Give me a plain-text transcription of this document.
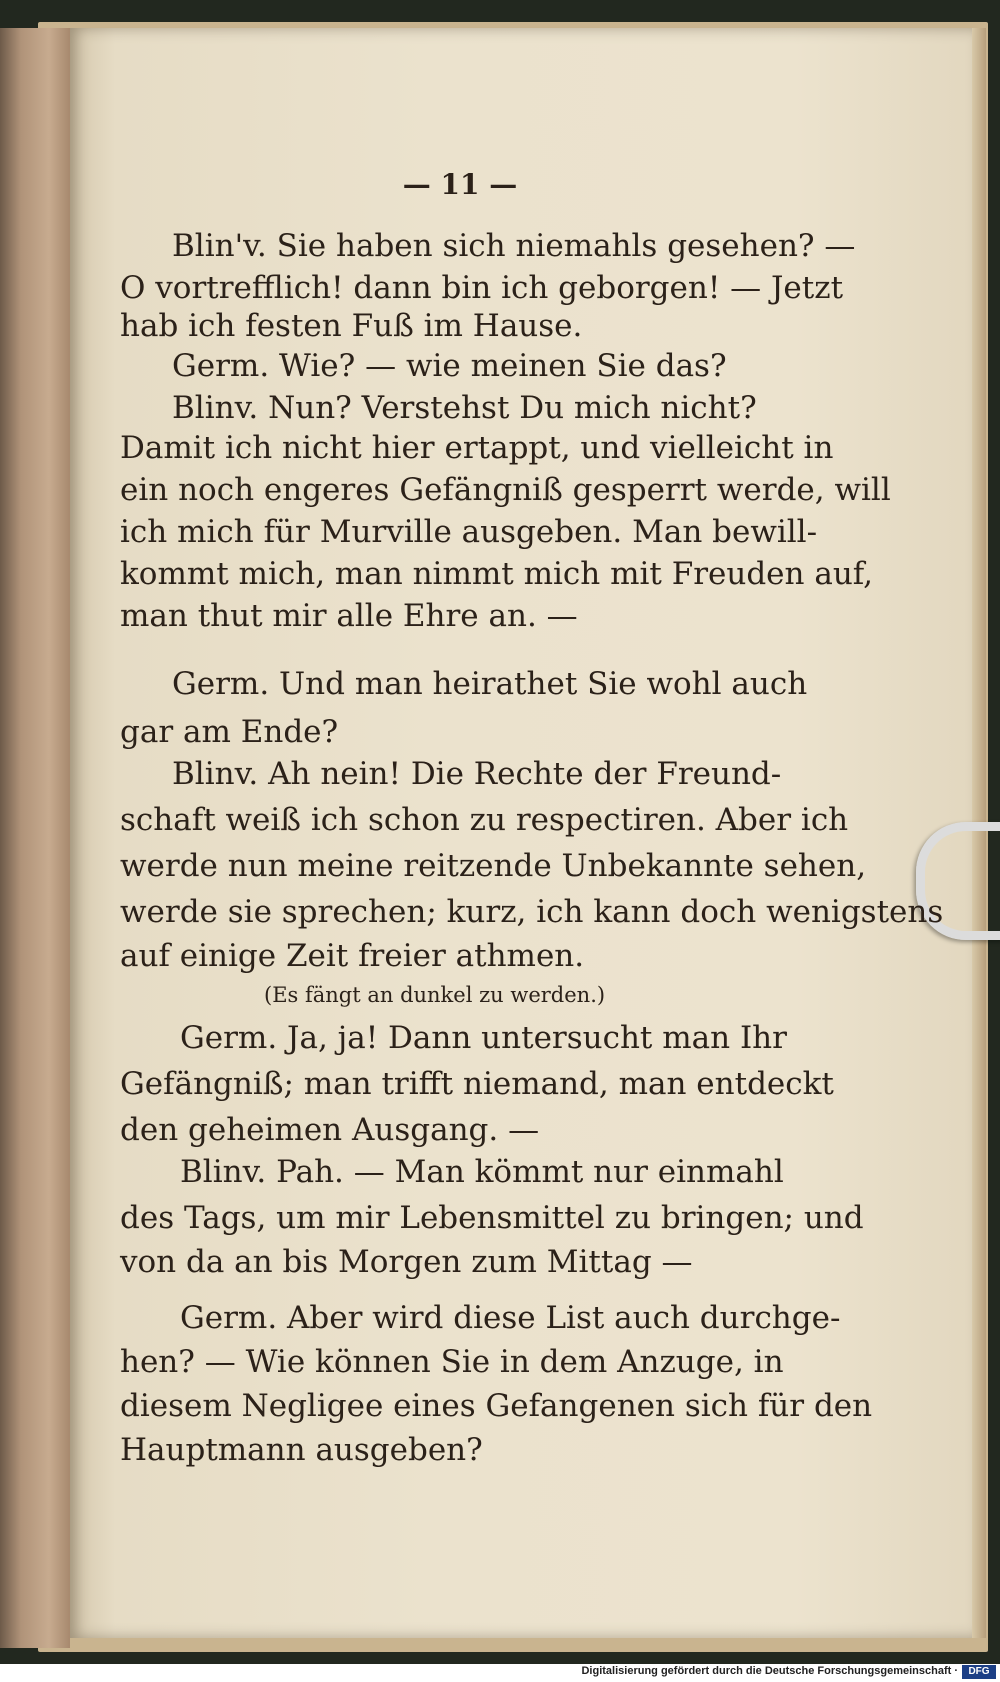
— 11 —
Blin'v. Sie haben sich niemahls gesehen? —
O vortrefflich! dann bin ich geborgen! — Jetzt
hab ich festen Fuß im Hause.
Germ. Wie? — wie meinen Sie das?
Blinv. Nun? Verstehst Du mich nicht?
Damit ich nicht hier ertappt, und vielleicht in
ein noch engeres Gefängniß gesperrt werde, will
ich mich für Murville ausgeben. Man bewill-
kommt mich, man nimmt mich mit Freuden auf,
man thut mir alle Ehre an. —
Germ. Und man heirathet Sie wohl auch
gar am Ende?
Blinv. Ah nein! Die Rechte der Freund-
schaft weiß ich schon zu respectiren. Aber ich
werde nun meine reitzende Unbekannte sehen,
werde sie sprechen; kurz, ich kann doch wenigstens
auf einige Zeit freier athmen.
(Es fängt an dunkel zu werden.)
Germ. Ja, ja! Dann untersucht man Ihr
Gefängniß; man trifft niemand, man entdeckt
den geheimen Ausgang. —
Blinv. Pah. — Man kömmt nur einmahl
des Tags, um mir Lebensmittel zu bringen; und
von da an bis Morgen zum Mittag —
Germ. Aber wird diese List auch durchge-
hen? — Wie können Sie in dem Anzuge, in
diesem Negligee eines Gefangenen sich für den
Hauptmann ausgeben?
Digitalisierung gefördert durch die Deutsche Forschungsgemeinschaft ·	DFG
